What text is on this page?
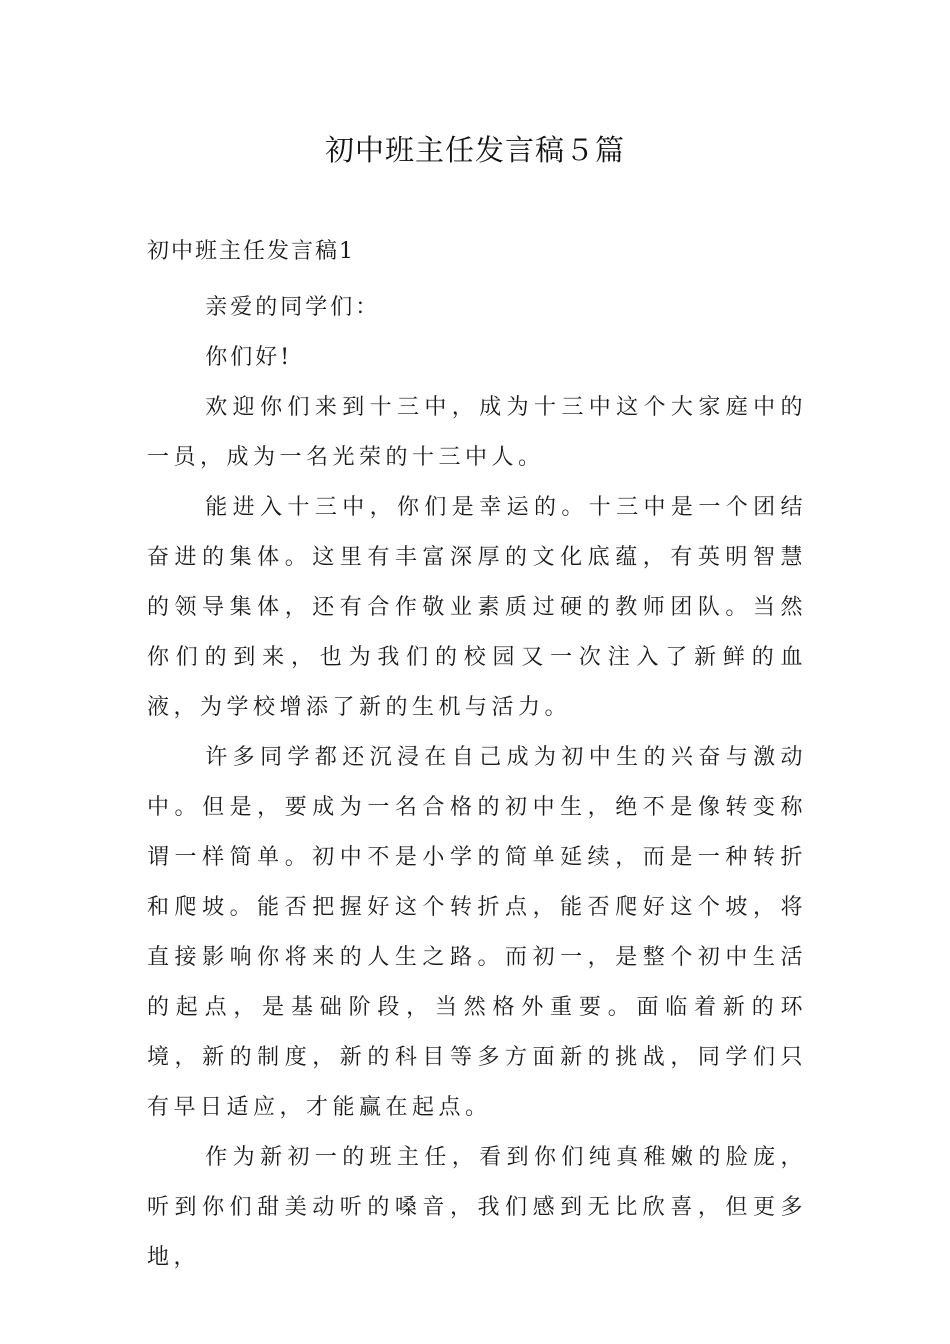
初中班主任发言稿５篇
初中班主任发言稿1

亲爱的同学们：

你们好!

欢迎你们来到十三中，成为十三中这个大家庭中的一员，成为一名光荣的十三中人。

能进入十三中，你们是幸运的。十三中是一个团结奋进的集体。这里有丰富深厚的文化底蕴，有英明智慧的领导集体，还有合作敬业素质过硬的教师团队。当然你们的到来，也为我们的校园又一次注入了新鲜的血液，为学校增添了新的生机与活力。

许多同学都还沉浸在自己成为初中生的兴奋与激动中。但是，要成为一名合格的初中生，绝不是像转变称谓一样简单。初中不是小学的简单延续，而是一种转折和爬坡。能否把握好这个转折点，能否爬好这个坡，将直接影响你将来的人生之路。而初一，是整个初中生活的起点，是基础阶段，当然格外重要。面临着新的环境，新的制度，新的科目等多方面新的挑战，同学们只有早日适应，才能赢在起点。

作为新初一的班主任，看到你们纯真稚嫩的脸庞，听到你们甜美动听的嗓音，我们感到无比欣喜，但更多地，
